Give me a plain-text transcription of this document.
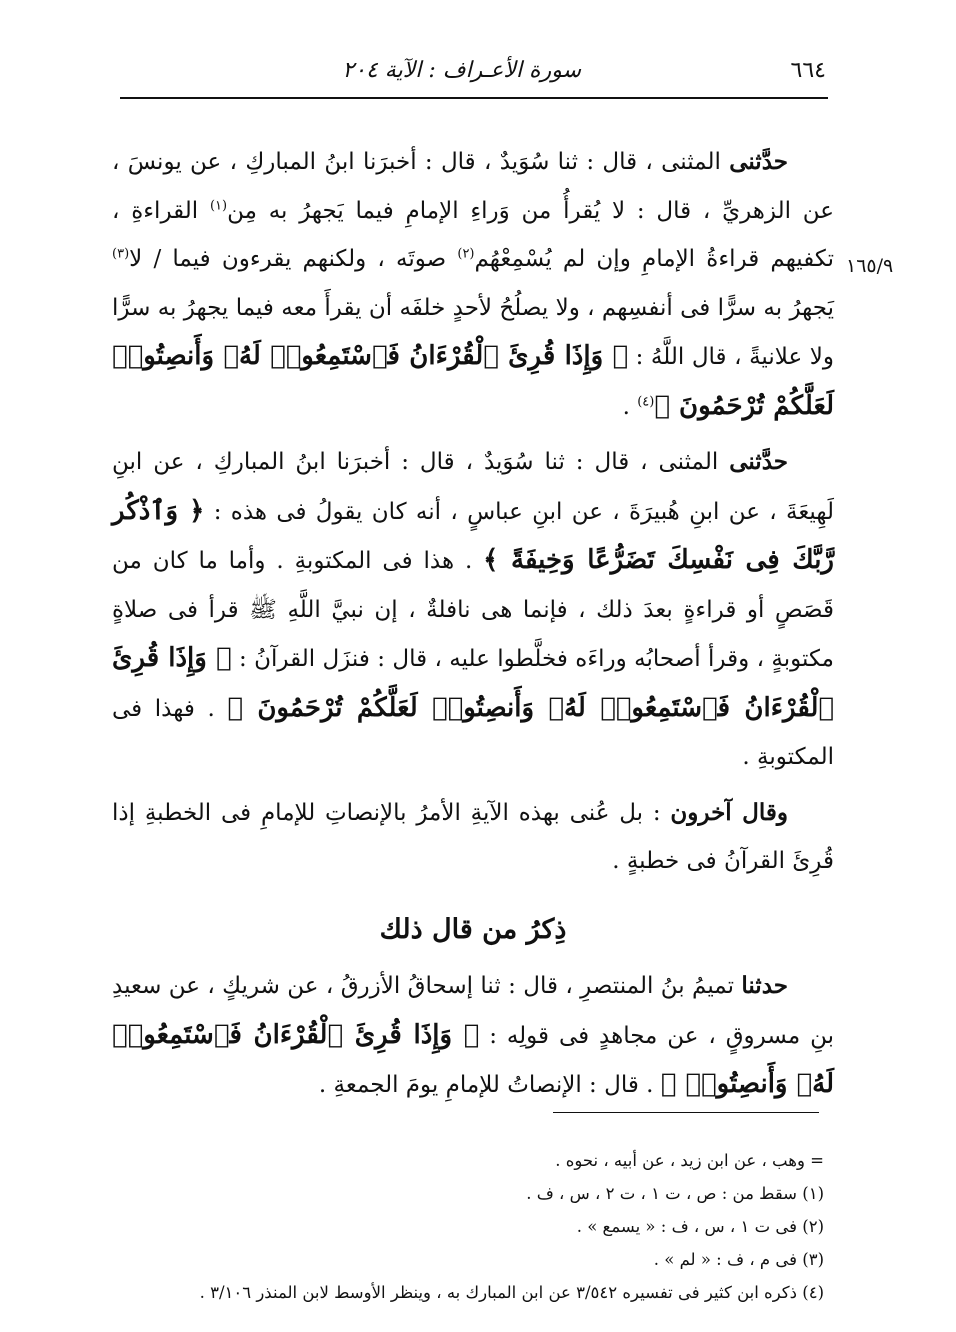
٦٦٤
سورة الأعـراف : الآية ٢٠٤
١٦٥/٩

حدَّثنى المثنى ، قال : ثنا سُوَيدٌ ، قال : أخبرَنا ابنُ المباركِ ، عن يونسَ ، عن الزهريِّ ، قال : لا يُقرأُ من وَراءِ الإمامِ فيما يَجهرُ به مِن$^{(١)}$ القراءةِ ، تكفيهم قراءةُ الإمامِ وإن لم يُسْمِعْهُم$^{(٢)}$ صوتَه ، ولكنهم يقرءون فيما / لا$^{(٣)}$ يَجهرُ به سرًّا فى أنفسِهم ، ولا يصلُحُ لأحدٍ خلفَه أن يقرأَ معه فيما يجهرُ به سرًّا ولا علانيةً ، قال اللَّهُ : ﴿ وَإِذَا قُرِئَ ٱلْقُرْءَانُ فَٱسْتَمِعُوا۟ لَهُۥ وَأَنصِتُوا۟ لَعَلَّكُمْ تُرْحَمُونَ ﴾$^{(٤)}$ .

حدَّثنى المثنى ، قال : ثنا سُوَيدٌ ، قال : أخبرَنا ابنُ المباركِ ، عن ابنِ لَهِيعَةَ ، عن ابنِ هُبيرَةَ ، عن ابنِ عباسٍ ، أنه كان يقولُ فى هذه : ﴿ وَٱذْكُر رَّبَّكَ فِى نَفْسِكَ تَضَرُّعًا وَخِيفَةً ﴾ . هذا فى المكتوبةِ . وأما ما كان من قَصَصٍ أو قراءةٍ بعدَ ذلك ، فإنما هى نافلةٌ ، إن نبيَّ اللَّهِ ﷺ قرأ فى صلاةٍ مكتوبةٍ ، وقرأ أصحابُه وراءَه فخلَّطوا عليه ، قال : فنزَل القرآنُ : ﴿ وَإِذَا قُرِئَ ٱلْقُرْءَانُ فَٱسْتَمِعُوا۟ لَهُۥ وَأَنصِتُوا۟ لَعَلَّكُمْ تُرْحَمُونَ ﴾ . فهذا فى المكتوبةِ .

وقال آخرون : بل عُنى بهذه الآيةِ الأمرُ بالإنصاتِ للإمامِ فى الخطبةِ إذا قُرِئَ القرآنُ فى خطبةٍ .

ذِكرُ من قال ذلك

حدثنا تميمُ بنُ المنتصرِ ، قال : ثنا إسحاقُ الأزرقُ ، عن شريكٍ ، عن سعيدِ بنِ مسروقٍ ، عن مجاهدٍ فى قولِه : ﴿ وَإِذَا قُرِئَ ٱلْقُرْءَانُ فَٱسْتَمِعُوا۟ لَهُۥ وَأَنصِتُوا۟ ﴾ . قال : الإنصاتُ للإمامِ يومَ الجمعةِ .

= وهب ، عن ابن زيد ، عن أبيه ، نحوه .

(١) سقط من : ص ، ت ١ ، ت ٢ ، س ، ف .

(٢) فى ت ١ ، س ، ف : « يسمع » .

(٣) فى م ، ف : « لم » .

(٤) ذكره ابن كثير فى تفسيره ٣/٥٤٢ عن ابن المبارك به ، وينظر الأوسط لابن المنذر ٣/١٠٦ .
